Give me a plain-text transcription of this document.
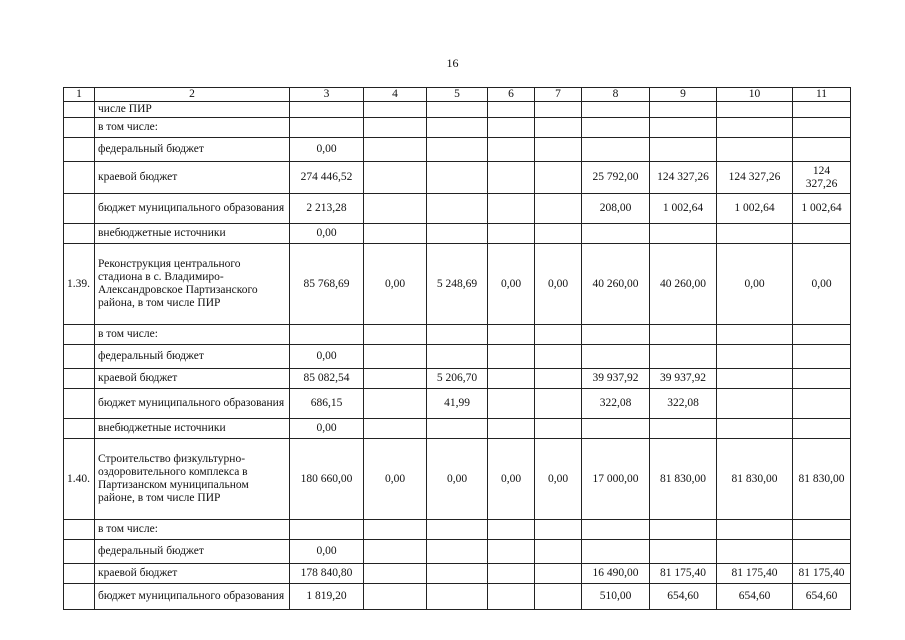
16
1	2	3	4	5	6	7	8	9	10	11
	числе ПИР									
	в том числе:									
	федеральный бюджет	0,00								
	краевой бюджет	274 446,52					25 792,00	124 327,26	124 327,26	124 327,26
	бюджет муниципального образования	2 213,28					208,00	1 002,64	1 002,64	1 002,64
	внебюджетные источники	0,00								
1.39.	Реконструкция центрального стадиона в с. Владимиро-Александровское Партизанского района, в том числе ПИР	85 768,69	0,00	5 248,69	0,00	0,00	40 260,00	40 260,00	0,00	0,00
	в том числе:									
	федеральный бюджет	0,00								
	краевой бюджет	85 082,54		5 206,70			39 937,92	39 937,92		
	бюджет муниципального образования	686,15		41,99			322,08	322,08		
	внебюджетные источники	0,00								
1.40.	Строительство физкультурно-оздоровительного комплекса в Партизанском муниципальном районе, в том числе ПИР	180 660,00	0,00	0,00	0,00	0,00	17 000,00	81 830,00	81 830,00	81 830,00
	в том числе:									
	федеральный бюджет	0,00								
	краевой бюджет	178 840,80					16 490,00	81 175,40	81 175,40	81 175,40
	бюджет муниципального образования	1 819,20					510,00	654,60	654,60	654,60
